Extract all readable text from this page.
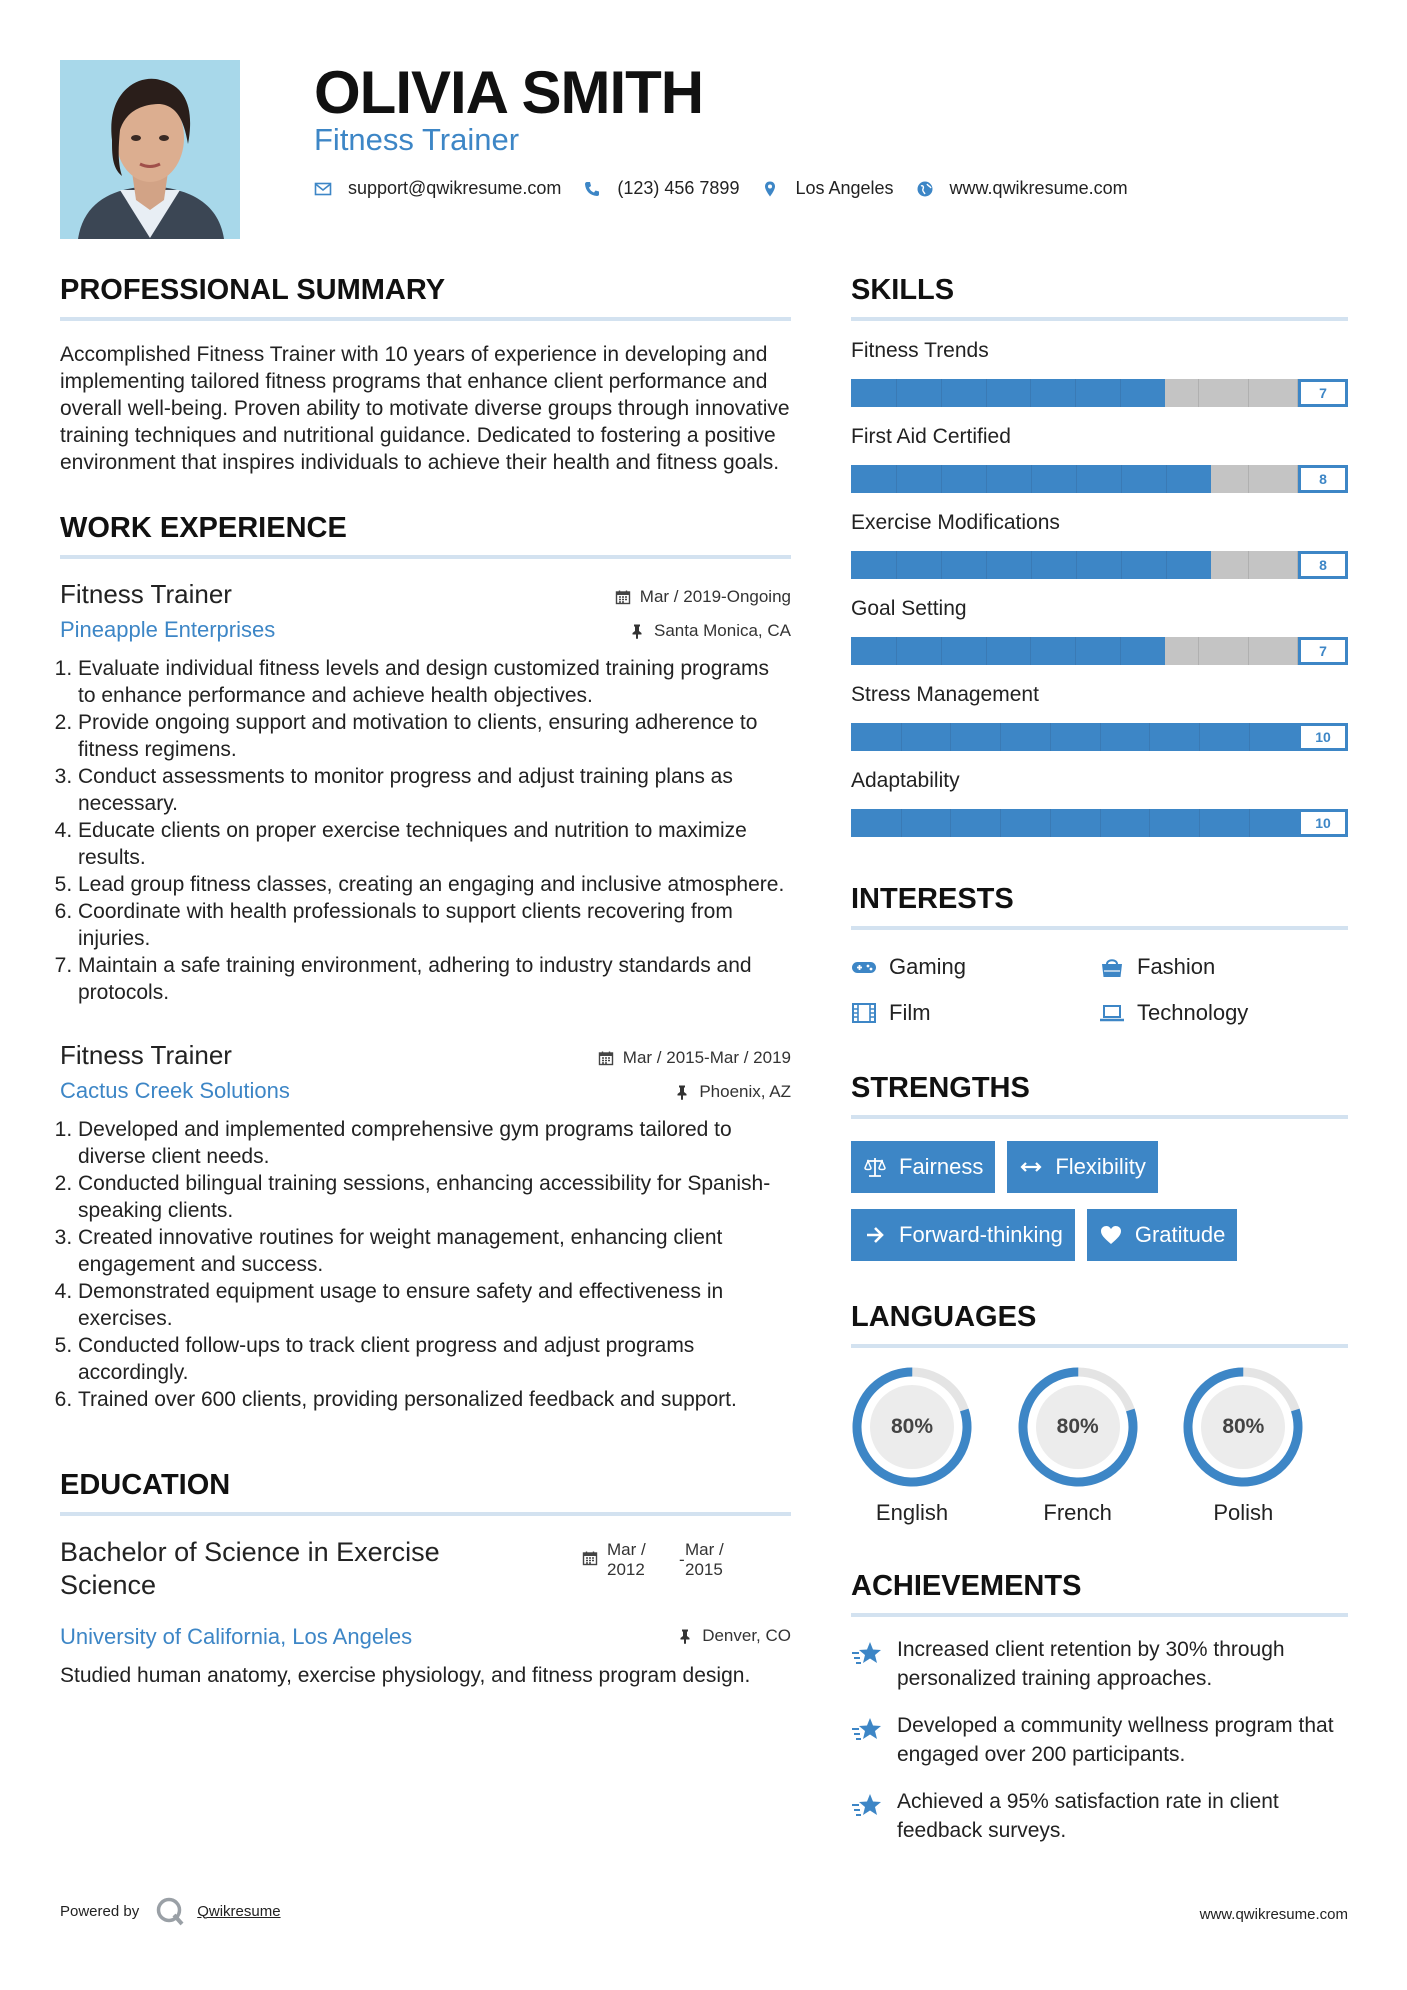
OLIVIA SMITH
Fitness Trainer
support@qwikresume.com	(123) 456 7899	Los Angeles	www.qwikresume.com
PROFESSIONAL SUMMARY
Accomplished Fitness Trainer with 10 years of experience in developing and implementing tailored fitness programs that enhance client performance and overall well-being. Proven ability to motivate diverse groups through innovative training techniques and nutritional guidance. Dedicated to fostering a positive environment that inspires individuals to achieve their health and fitness goals.
WORK EXPERIENCE
Fitness Trainer
Pineapple Enterprises
Mar / 2019-Ongoing
Santa Monica, CA
1. Evaluate individual fitness levels and design customized training programs to enhance performance and achieve health objectives.
2. Provide ongoing support and motivation to clients, ensuring adherence to fitness regimens.
3. Conduct assessments to monitor progress and adjust training plans as necessary.
4. Educate clients on proper exercise techniques and nutrition to maximize results.
5. Lead group fitness classes, creating an engaging and inclusive atmosphere.
6. Coordinate with health professionals to support clients recovering from injuries.
7. Maintain a safe training environment, adhering to industry standards and protocols.
Fitness Trainer
Cactus Creek Solutions
Mar / 2015-Mar / 2019
Phoenix, AZ
1. Developed and implemented comprehensive gym programs tailored to diverse client needs.
2. Conducted bilingual training sessions, enhancing accessibility for Spanish-speaking clients.
3. Created innovative routines for weight management, enhancing client engagement and success.
4. Demonstrated equipment usage to ensure safety and effectiveness in exercises.
5. Conducted follow-ups to track client progress and adjust programs accordingly.
6. Trained over 600 clients, providing personalized feedback and support.
EDUCATION
Bachelor of Science in Exercise Science
University of California, Los Angeles
Mar /
2012
-
Mar /
2015
Denver, CO
Studied human anatomy, exercise physiology, and fitness program design.
SKILLS
Fitness Trends
7
First Aid Certified
8
Exercise Modifications
8
Goal Setting
7
Stress Management
10
Adaptability
10
INTERESTS
Gaming	Fashion
Film	Technology
STRENGTHS
Fairness	Flexibility
Forward-thinking	Gratitude
LANGUAGES
80%
English
80%
French
80%
Polish
ACHIEVEMENTS
Increased client retention by 30% through personalized training approaches.
Developed a community wellness program that engaged over 200 participants.
Achieved a 95% satisfaction rate in client feedback surveys.
Powered by	Qwikresume	www.qwikresume.com
